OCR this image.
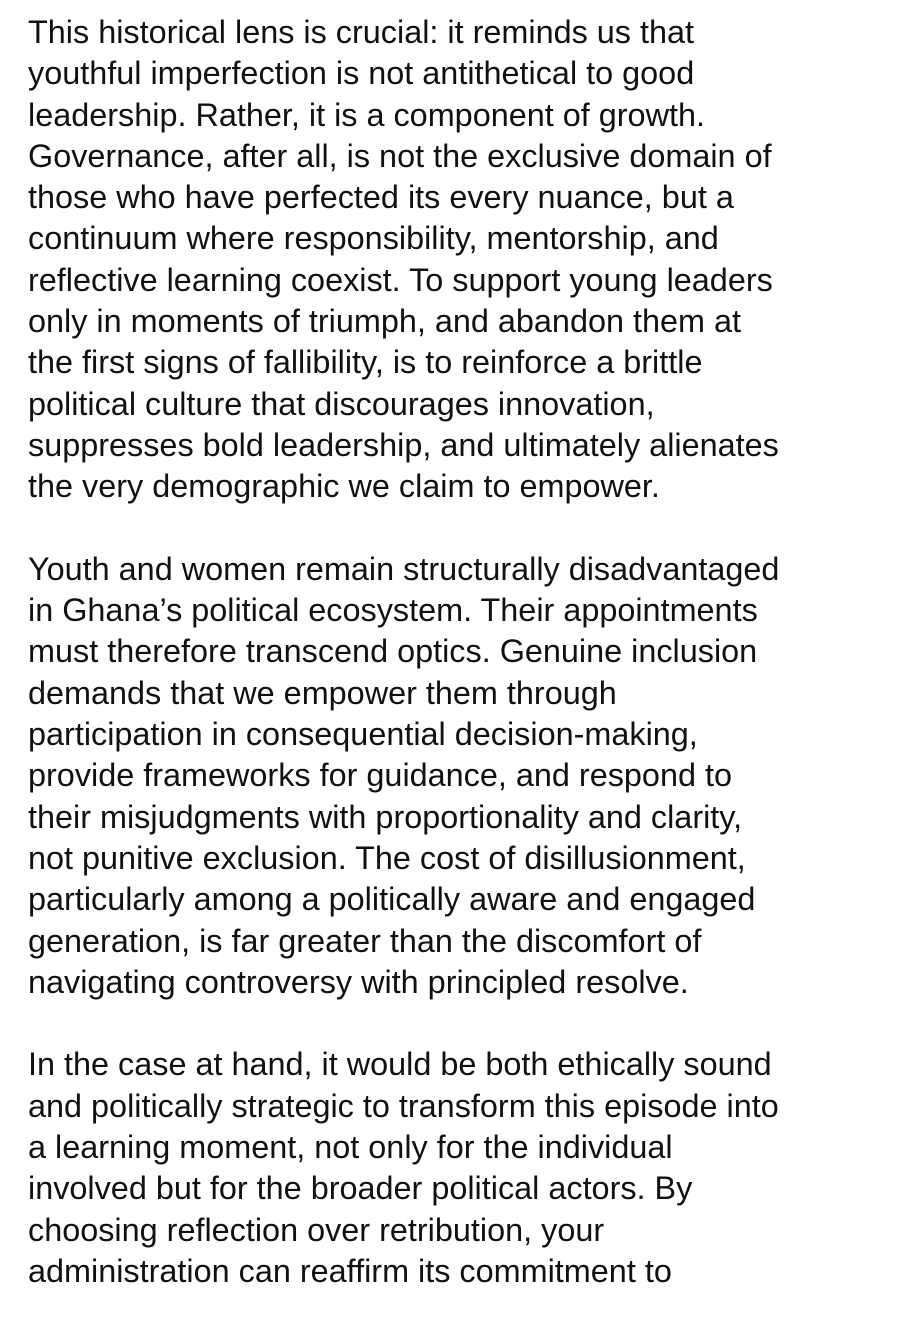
This historical lens is crucial: it reminds us that
youthful imperfection is not antithetical to good
leadership. Rather, it is a component of growth.
Governance, after all, is not the exclusive domain of
those who have perfected its every nuance, but a
continuum where responsibility, mentorship, and
reflective learning coexist. To support young leaders
only in moments of triumph, and abandon them at
the first signs of fallibility, is to reinforce a brittle
political culture that discourages innovation,
suppresses bold leadership, and ultimately alienates
the very demographic we claim to empower.
Youth and women remain structurally disadvantaged
in Ghana’s political ecosystem. Their appointments
must therefore transcend optics. Genuine inclusion
demands that we empower them through
participation in consequential decision-making,
provide frameworks for guidance, and respond to
their misjudgments with proportionality and clarity,
not punitive exclusion. The cost of disillusionment,
particularly among a politically aware and engaged
generation, is far greater than the discomfort of
navigating controversy with principled resolve.
In the case at hand, it would be both ethically sound
and politically strategic to transform this episode into
a learning moment, not only for the individual
involved but for the broader political actors. By
choosing reflection over retribution, your
administration can reaffirm its commitment to
